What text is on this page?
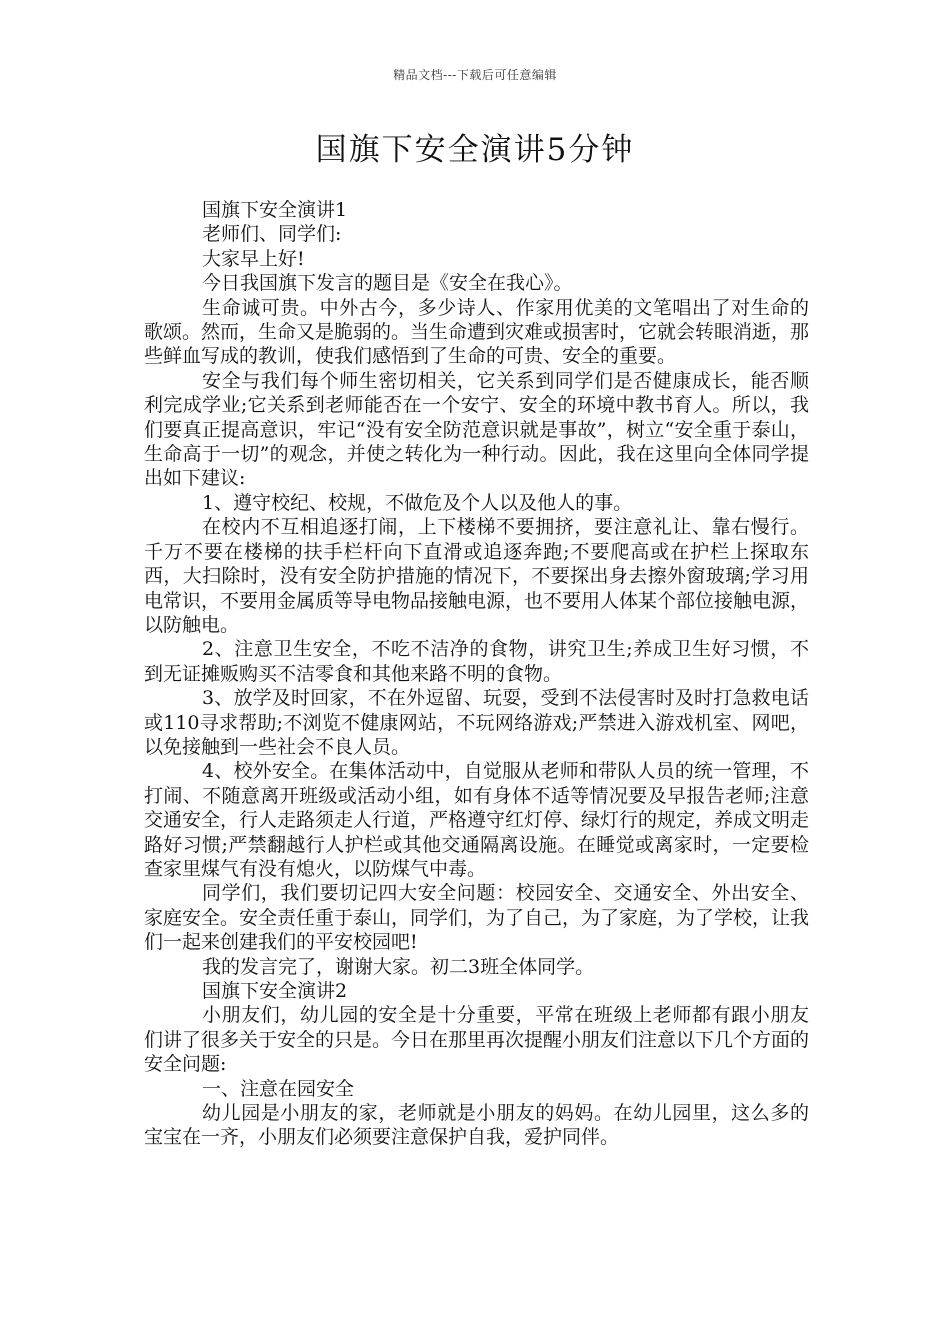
精品文档---下载后可任意编辑
国旗下安全演讲5分钟

国旗下安全演讲1

老师们、同学们:

大家早上好!

今日我国旗下发言的题目是《安全在我心》。

生命诚可贵。中外古今，多少诗人、作家用优美的文笔唱出了对生命的歌颂。然而，生命又是脆弱的。当生命遭到灾难或损害时，它就会转眼消逝，那些鲜血写成的教训，使我们感悟到了生命的可贵、安全的重要。

安全与我们每个师生密切相关，它关系到同学们是否健康成长，能否顺利完成学业;它关系到老师能否在一个安宁、安全的环境中教书育人。所以，我们要真正提高意识，牢记“没有安全防范意识就是事故”，树立“安全重于泰山，生命高于一切”的观念，并使之转化为一种行动。因此，我在这里向全体同学提出如下建议:

1、遵守校纪、校规，不做危及个人以及他人的事。

在校内不互相追逐打闹，上下楼梯不要拥挤，要注意礼让、靠右慢行。千万不要在楼梯的扶手栏杆向下直滑或追逐奔跑;不要爬高或在护栏上探取东西，大扫除时，没有安全防护措施的情况下，不要探出身去擦外窗玻璃;学习用电常识，不要用金属质等导电物品接触电源，也不要用人体某个部位接触电源，以防触电。

2、注意卫生安全，不吃不洁净的食物，讲究卫生;养成卫生好习惯，不到无证摊贩购买不洁零食和其他来路不明的食物。

3、放学及时回家，不在外逗留、玩耍，受到不法侵害时及时打急救电话或110寻求帮助;不浏览不健康网站，不玩网络游戏;严禁进入游戏机室、网吧，以免接触到一些社会不良人员。

4、校外安全。在集体活动中，自觉服从老师和带队人员的统一管理，不打闹、不随意离开班级或活动小组，如有身体不适等情况要及早报告老师;注意交通安全，行人走路须走人行道，严格遵守红灯停、绿灯行的规定，养成文明走路好习惯;严禁翻越行人护栏或其他交通隔离设施。在睡觉或离家时，一定要检查家里煤气有没有熄火，以防煤气中毒。

同学们，我们要切记四大安全问题：校园安全、交通安全、外出安全、家庭安全。安全责任重于泰山，同学们，为了自己，为了家庭，为了学校，让我们一起来创建我们的平安校园吧!

我的发言完了，谢谢大家。初二3班全体同学。

国旗下安全演讲2

小朋友们，幼儿园的安全是十分重要，平常在班级上老师都有跟小朋友们讲了很多关于安全的只是。今日在那里再次提醒小朋友们注意以下几个方面的安全问题:

一、注意在园安全

幼儿园是小朋友的家，老师就是小朋友的妈妈。在幼儿园里，这么多的宝宝在一齐，小朋友们必须要注意保护自我，爱护同伴。
